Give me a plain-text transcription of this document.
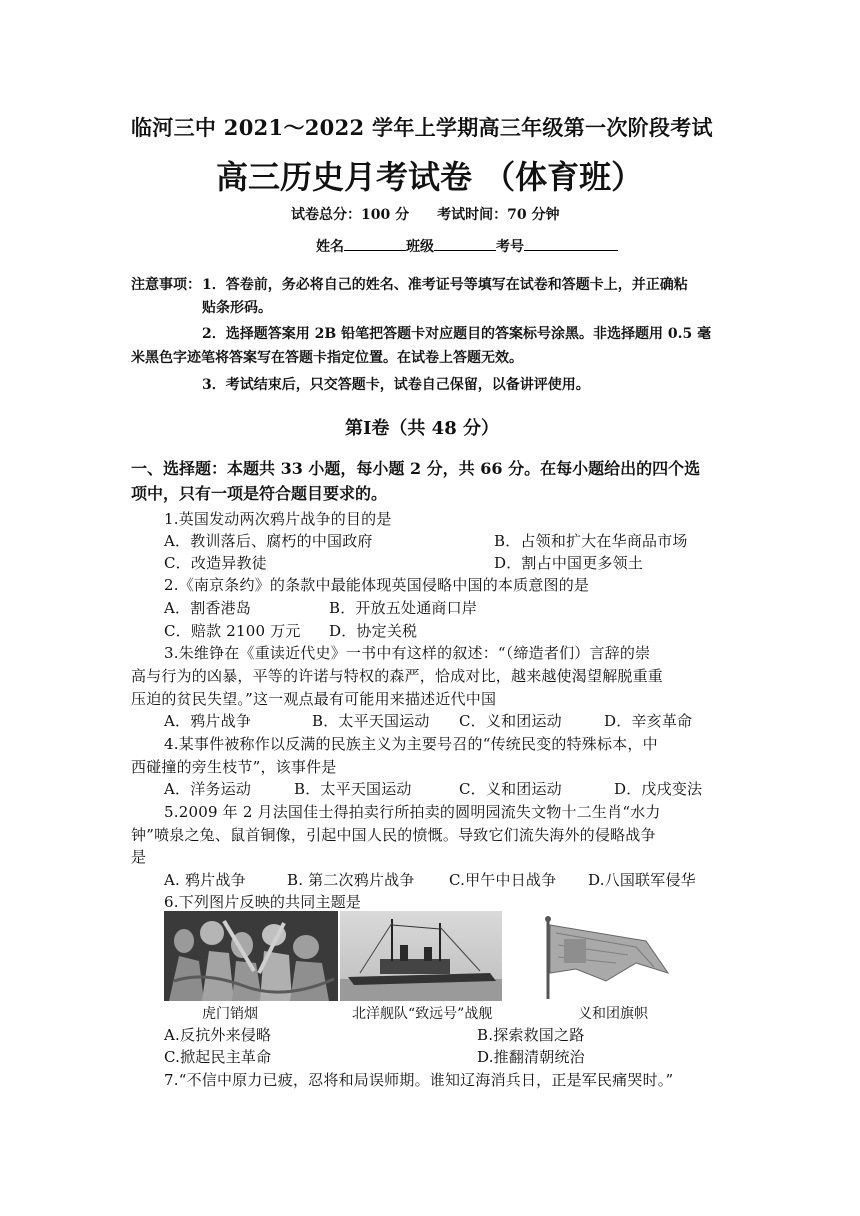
临河三中 2021～2022 学年上学期高三年级第一次阶段考试
高三历史月考试卷 （体育班）
试卷总分：100 分　　考试时间：70 分钟
姓名	班级	考号
注意事项： 1．答卷前，务必将自己的姓名、准考证号等填写在试卷和答题卡上，并正确粘
贴条形码。
2．选择题答案用 2B 铅笔把答题卡对应题目的答案标号涂黑。非选择题用 0.5 毫
米黑色字迹笔将答案写在答题卡指定位置。在试卷上答题无效。
3．考试结束后，只交答题卡，试卷自己保留，以备讲评使用。
第Ⅰ卷（共 48 分）
一、选择题：本题共 33 小题，每小题 2 分，共 66 分。在每小题给出的四个选
项中，只有一项是符合题目要求的。
1.英国发动两次鸦片战争的目的是
A．教训落后、腐朽的中国政府	B．占领和扩大在华商品市场
C．改造异教徒	D．割占中国更多领土
2.《南京条约》的条款中最能体现英国侵略中国的本质意图的是
A．割香港岛	B．开放五处通商口岸
C．赔款 2100 万元 D．协定关税
3.朱维铮在《重读近代史》一书中有这样的叙述：“（缔造者们）言辞的崇
高与行为的凶暴，平等的许诺与特权的森严，恰成对比，越来越使渴望解脱重重
压迫的贫民失望。”这一观点最有可能用来描述近代中国
A．鸦片战争	B．太平天国运动 C．义和团运动	D．辛亥革命
4.某事件被称作以反满的民族主义为主要号召的“传统民变的特殊标本，中
西碰撞的旁生枝节”，该事件是
A．洋务运动	B．太平天国运动	C．义和团运动	D．戊戌变法
5.2009 年 2 月法国佳士得拍卖行所拍卖的圆明园流失文物十二生肖“水力
钟”喷泉之兔、鼠首铜像，引起中国人民的愤慨。导致它们流失海外的侵略战争
是
A. 鸦片战争	B. 第二次鸦片战争 C.甲午中日战争 D.八国联军侵华
6.下列图片反映的共同主题是
虎门销烟	北洋舰队“致远号”战舰	义和团旗帜
A.反抗外来侵略	B.探索救国之路
C.掀起民主革命	D.推翻清朝统治
7.“不信中原力已疲，忍将和局误师期。谁知辽海消兵日，正是军民痛哭时。”
